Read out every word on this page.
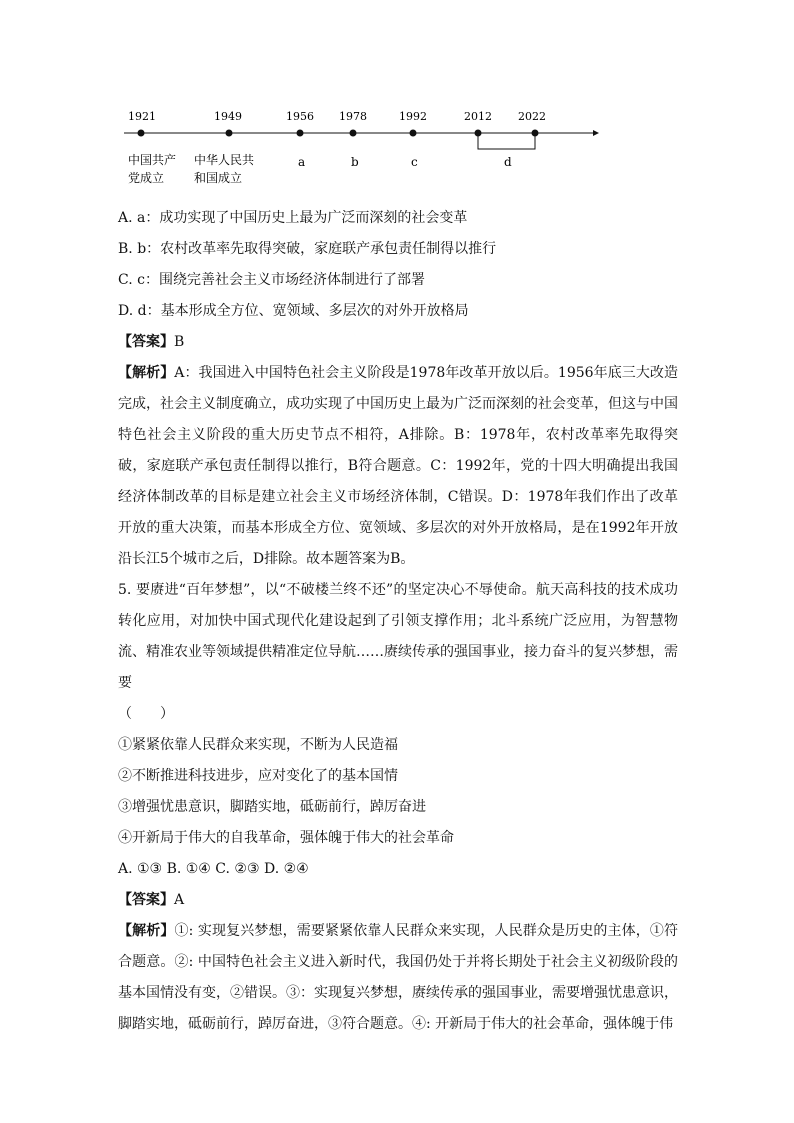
1921	1949	1956 1978	1992	2012 2022
中国共产
党成立
中华人民共
和国成立
a	b	c	d
A. a：成功实现了中国历史上最为广泛而深刻的社会变革
B. b：农村改革率先取得突破，家庭联产承包责任制得以推行
C. c：围绕完善社会主义市场经济体制进行了部署
D. d：基本形成全方位、宽领域、多层次的对外开放格局
【答案】B
【解析】A：我国进入中国特色社会主义阶段是1978年改革开放以后。1956年底三大改造完成，社会主义制度确立，成功实现了中国历史上最为广泛而深刻的社会变革，但这与中国特色社会主义阶段的重大历史节点不相符，A排除。B：1978年，农村改革率先取得突破，家庭联产承包责任制得以推行，B符合题意。C：1992年，党的十四大明确提出我国经济体制改革的目标是建立社会主义市场经济体制，C错误。D：1978年我们作出了改革开放的重大决策，而基本形成全方位、宽领域、多层次的对外开放格局，是在1992年开放沿长江5个城市之后，D排除。故本题答案为B。
5. 要赓进“百年梦想”，以“不破楼兰终不还”的坚定决心不辱使命。航天高科技的技术成功转化应用，对加快中国式现代化建设起到了引领支撑作用；北斗系统广泛应用，为智慧物流、精准农业等领域提供精准定位导航……赓续传承的强国事业，接力奋斗的复兴梦想，需要
（　　）
①紧紧依靠人民群众来实现，不断为人民造福
②不断推进科技进步，应对变化了的基本国情
③增强忧患意识，脚踏实地，砥砺前行，踔厉奋进
④开新局于伟大的自我革命，强体魄于伟大的社会革命
A. ①③ B. ①④ C. ②③ D. ②④
【答案】A
【解析】①: 实现复兴梦想，需要紧紧依靠人民群众来实现，人民群众是历史的主体，①符合题意。②: 中国特色社会主义进入新时代，我国仍处于并将长期处于社会主义初级阶段的基本国情没有变，②错误。③：实现复兴梦想，赓续传承的强国事业，需要增强忧患意识，脚踏实地，砥砺前行，踔厉奋进，③符合题意。④: 开新局于伟大的社会革命，强体魄于伟
